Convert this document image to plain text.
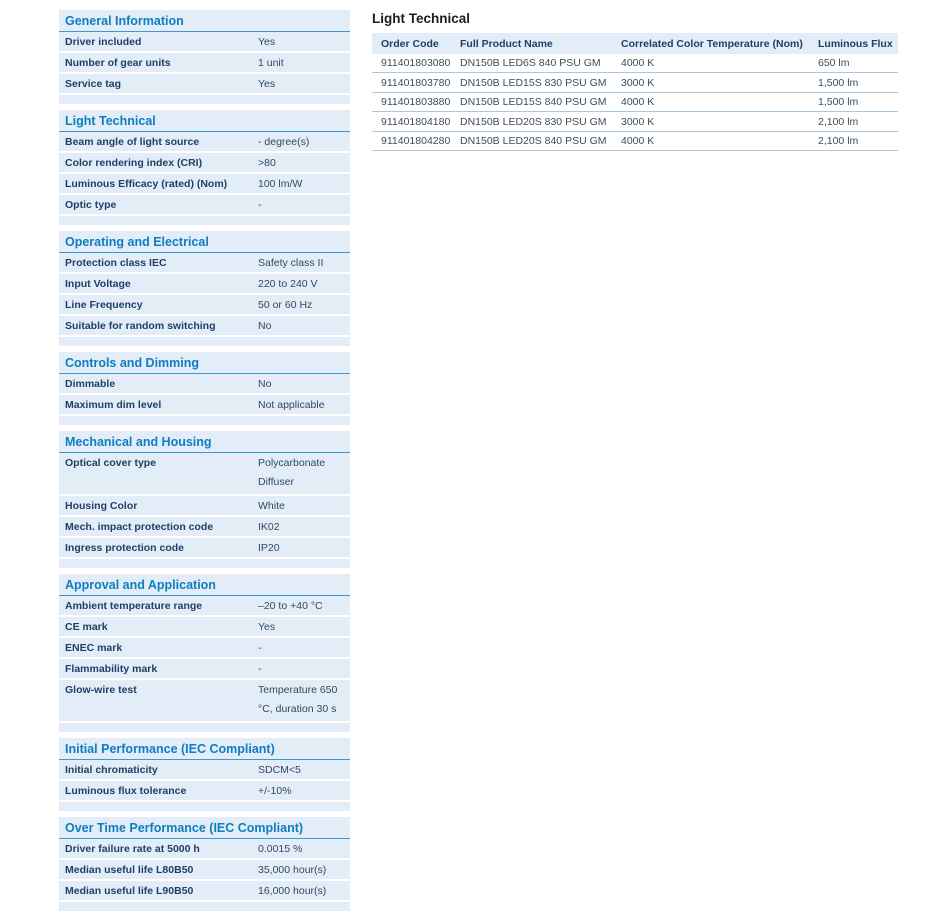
General Information
Driver included	Yes
Number of gear units	1 unit
Service tag	Yes
Light Technical
Beam angle of light source	- degree(s)
Color rendering index (CRI)	>80
Luminous Efficacy (rated) (Nom)	100 lm/W
Optic type	-
Operating and Electrical
Protection class IEC	Safety class II
Input Voltage	220 to 240 V
Line Frequency	50 or 60 Hz
Suitable for random switching	No
Controls and Dimming
Dimmable	No
Maximum dim level	Not applicable
Mechanical and Housing
Optical cover type	Polycarbonate Diffuser
Housing Color	White
Mech. impact protection code	IK02
Ingress protection code	IP20
Approval and Application
Ambient temperature range	–20 to +40 °C
CE mark	Yes
ENEC mark	-
Flammability mark	-
Glow-wire test	Temperature 650 °C, duration 30 s
Initial Performance (IEC Compliant)
Initial chromaticity	SDCM<5
Luminous flux tolerance	+/-10%
Over Time Performance (IEC Compliant)
Driver failure rate at 5000 h	0.0015 %
Median useful life L80B50	35,000 hour(s)
Median useful life L90B50	16,000 hour(s)
Light Technical
Order Code	Full Product Name	Correlated Color Temperature (Nom)	Luminous Flux
911401803080	DN150B LED6S 840 PSU GM	4000 K	650 lm
911401803780	DN150B LED15S 830 PSU GM	3000 K	1,500 lm
911401803880	DN150B LED15S 840 PSU GM	4000 K	1,500 lm
911401804180	DN150B LED20S 830 PSU GM	3000 K	2,100 lm
911401804280	DN150B LED20S 840 PSU GM	4000 K	2,100 lm
